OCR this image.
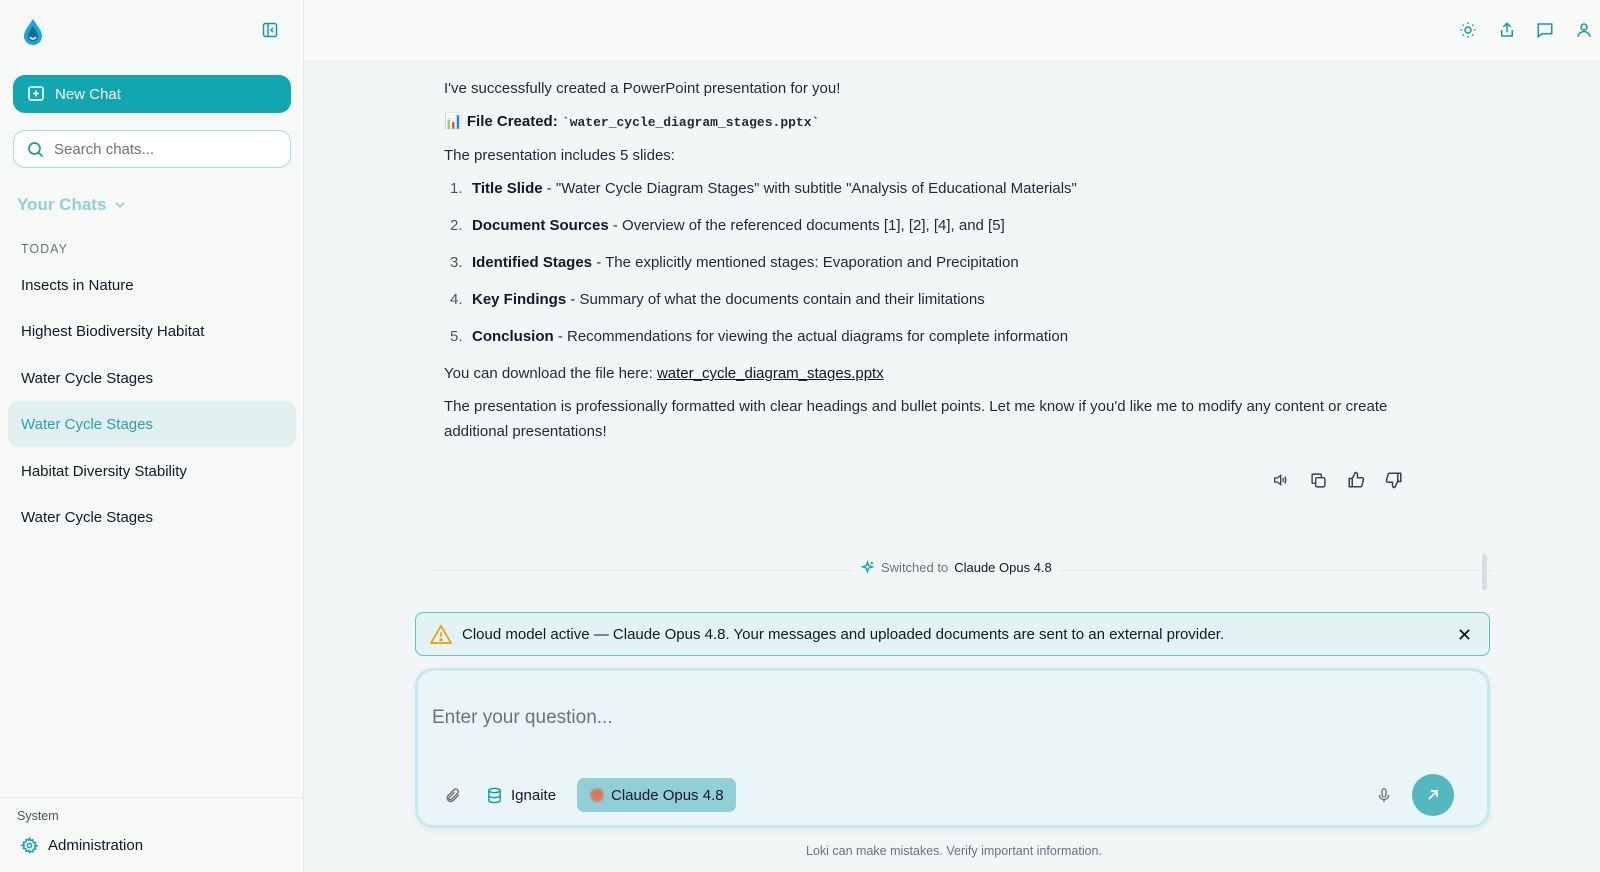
New Chat
Search chats...
Your Chats
TODAY
Insects in Nature
Highest Biodiversity Habitat
Water Cycle Stages
Water Cycle Stages
Habitat Diversity Stability
Water Cycle Stages
System
Administration

I've successfully created a PowerPoint presentation for you!

📊 File Created: `water_cycle_diagram_stages.pptx`

The presentation includes 5 slides:

1. Title Slide - "Water Cycle Diagram Stages" with subtitle "Analysis of Educational Materials"
2. Document Sources - Overview of the referenced documents [1], [2], [4], and [5]
3. Identified Stages - The explicitly mentioned stages: Evaporation and Precipitation
4. Key Findings - Summary of what the documents contain and their limitations
5. Conclusion - Recommendations for viewing the actual diagrams for complete information

You can download the file here: water_cycle_diagram_stages.pptx

The presentation is professionally formatted with clear headings and bullet points. Let me know if you'd like me to modify any content or create additional presentations!

Switched to Claude Opus 4.8
Cloud model active — Claude Opus 4.8. Your messages and uploaded documents are sent to an external provider.
Enter your question...
Ignaite	Claude Opus 4.8
Loki can make mistakes. Verify important information.
